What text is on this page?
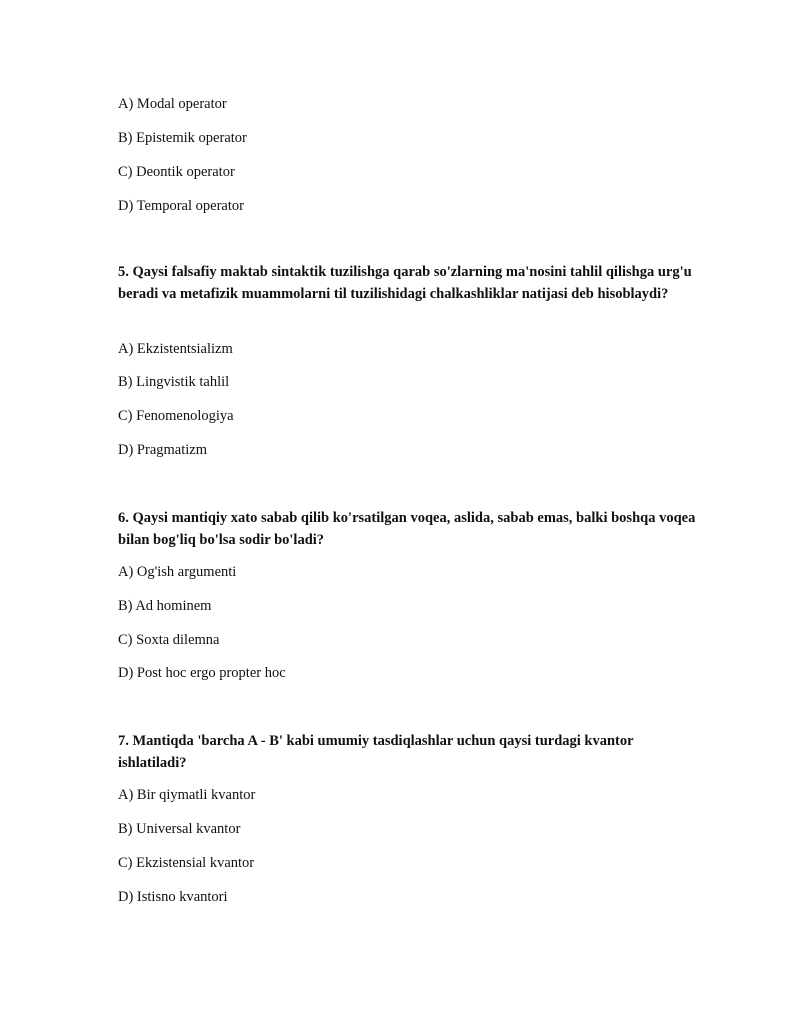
A) Modal operator
B) Epistemik operator
C) Deontik operator
D) Temporal operator
5. Qaysi falsafiy maktab sintaktik tuzilishga qarab so'zlarning ma'nosini tahlil qilishga urg'u beradi va metafizik muammolarni til tuzilishidagi chalkashliklar natijasi deb hisoblaydi?
A) Ekzistentsializm
B) Lingvistik tahlil
C) Fenomenologiya
D) Pragmatizm
6. Qaysi mantiqiy xato sabab qilib ko'rsatilgan voqea, aslida, sabab emas, balki boshqa voqea bilan bog'liq bo'lsa sodir bo'ladi?
A) Og'ish argumenti
B) Ad hominem
C) Soxta dilemna
D) Post hoc ergo propter hoc
7. Mantiqda 'barcha A - B' kabi umumiy tasdiqlashlar uchun qaysi turdagi kvantor ishlatiladi?
A) Bir qiymatli kvantor
B) Universal kvantor
C) Ekzistensial kvantor
D) Istisno kvantori
